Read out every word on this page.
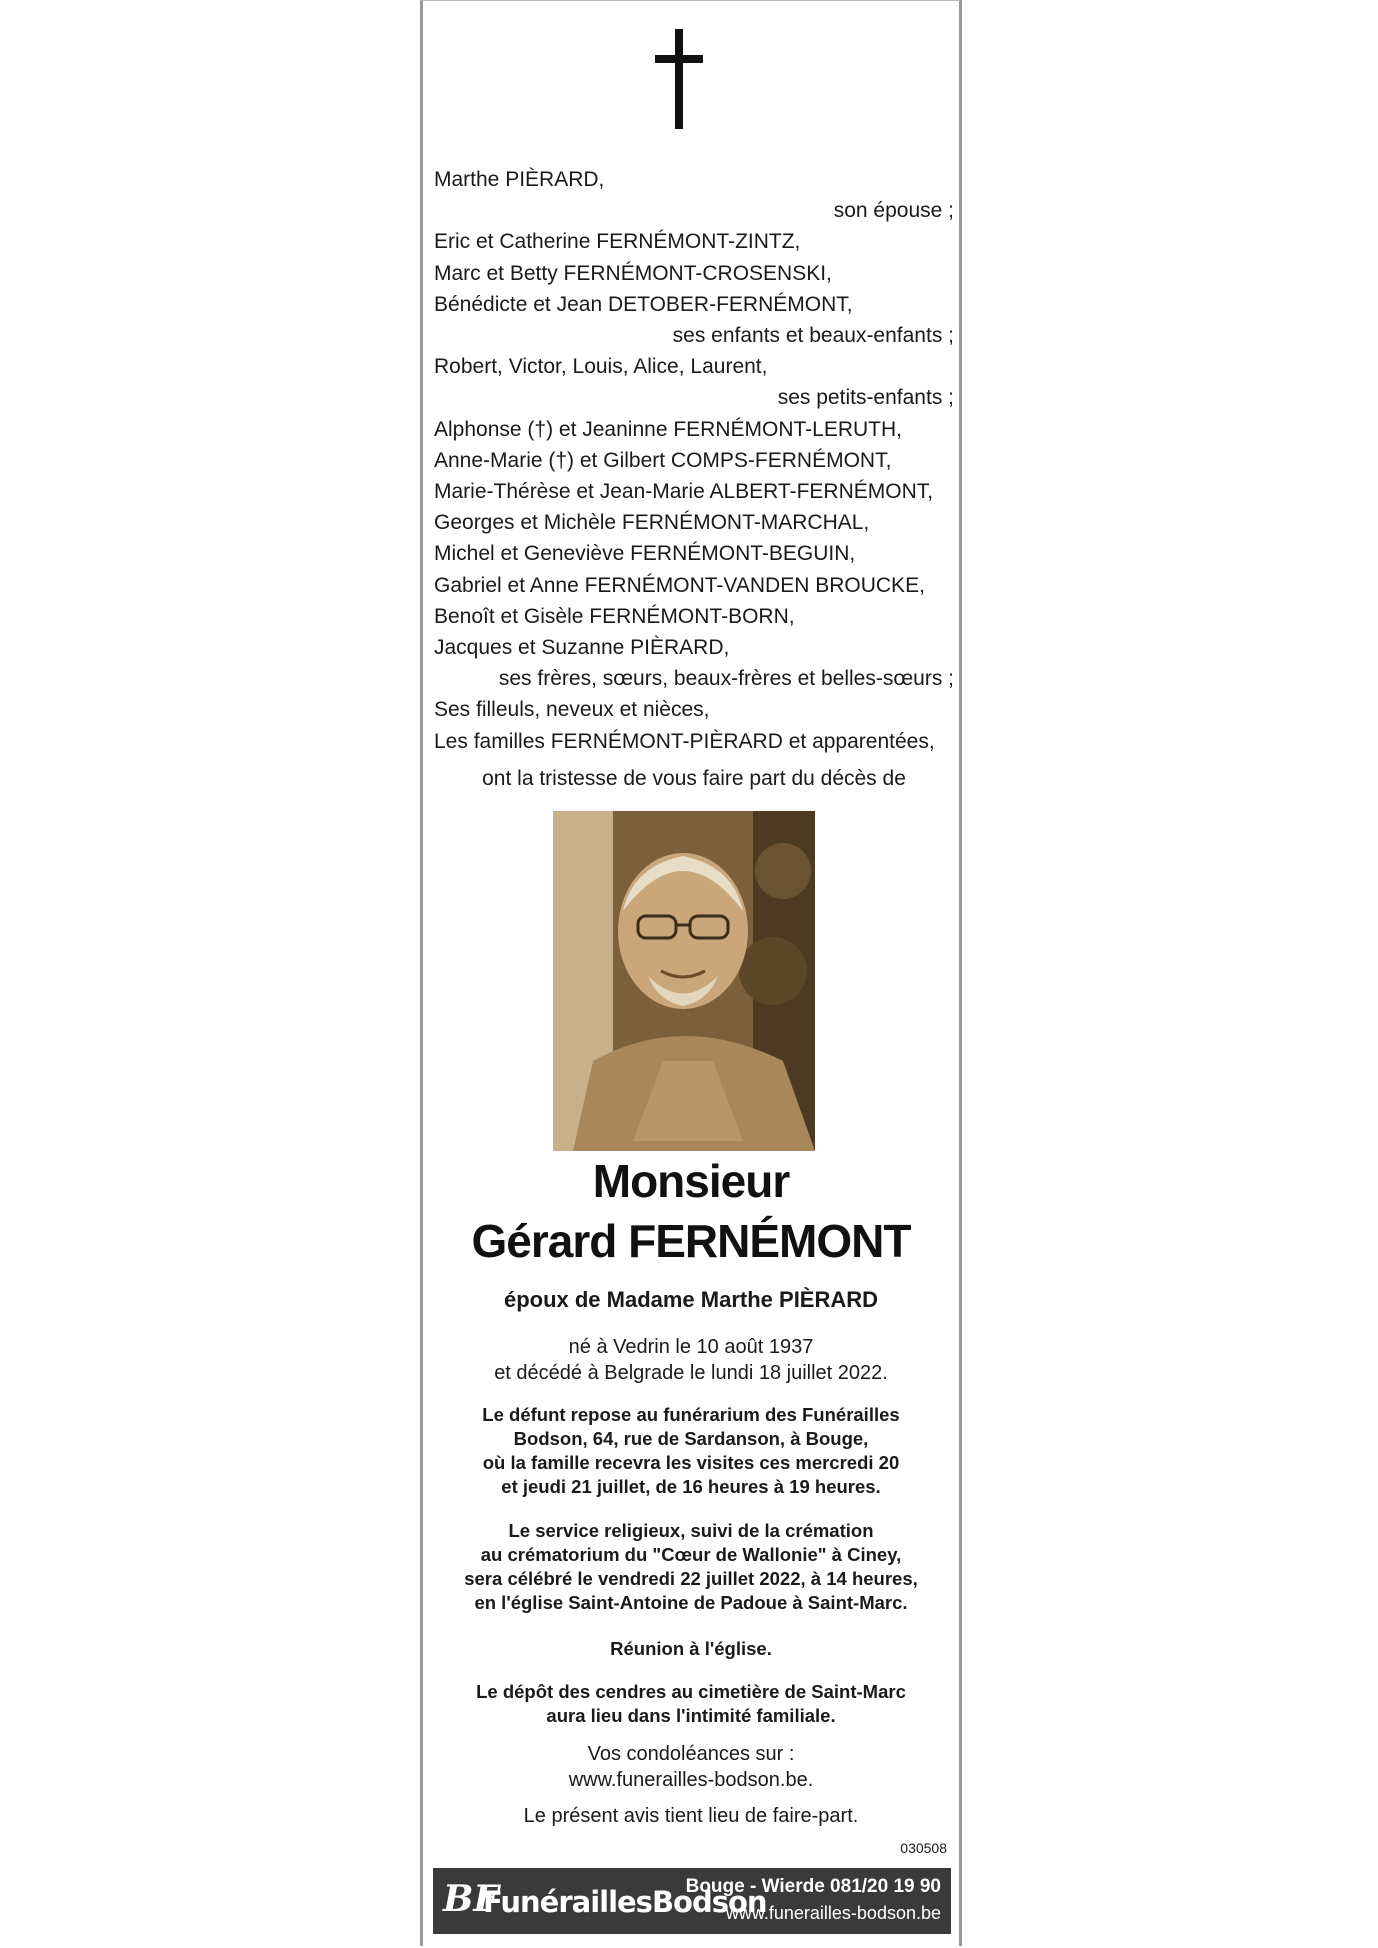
Marthe PIÈRARD,
son épouse ;
Eric et Catherine FERNÉMONT-ZINTZ,
Marc et Betty FERNÉMONT-CROSENSKI,
Bénédicte et Jean DETOBER-FERNÉMONT,
ses enfants et beaux-enfants ;
Robert, Victor, Louis, Alice, Laurent,
ses petits-enfants ;
Alphonse (†) et Jeaninne FERNÉMONT-LERUTH,
Anne-Marie (†) et Gilbert COMPS-FERNÉMONT,
Marie-Thérèse et Jean-Marie ALBERT-FERNÉMONT,
Georges et Michèle FERNÉMONT-MARCHAL,
Michel et Geneviève FERNÉMONT-BEGUIN,
Gabriel et Anne FERNÉMONT-VANDEN BROUCKE,
Benoît et Gisèle FERNÉMONT-BORN,
Jacques et Suzanne PIÈRARD,
ses frères, sœurs, beaux-frères et belles-sœurs ;
Ses filleuls, neveux et nièces,
Les familles FERNÉMONT-PIÈRARD et apparentées,
ont la tristesse de vous faire part du décès de
Monsieur
Gérard FERNÉMONT
époux de Madame Marthe PIÈRARD
né à Vedrin le 10 août 1937
et décédé à Belgrade le lundi 18 juillet 2022.
Le défunt repose au funérarium des Funérailles
Bodson, 64, rue de Sardanson, à Bouge,
où la famille recevra les visites ces mercredi 20
et jeudi 21 juillet, de 16 heures à 19 heures.
Le service religieux, suivi de la crémation
au crématorium du "Cœur de Wallonie" à Ciney,
sera célébré le vendredi 22 juillet 2022, à 14 heures,
en l'église Saint-Antoine de Padoue à Saint-Marc.
Réunion à l'église.
Le dépôt des cendres au cimetière de Saint-Marc
aura lieu dans l'intimité familiale.
Vos condoléances sur :
www.funerailles-bodson.be.
Le présent avis tient lieu de faire-part.
030508
BF
FunéraillesBodson
Bouge - Wierde 081/20 19 90
www.funerailles-bodson.be
